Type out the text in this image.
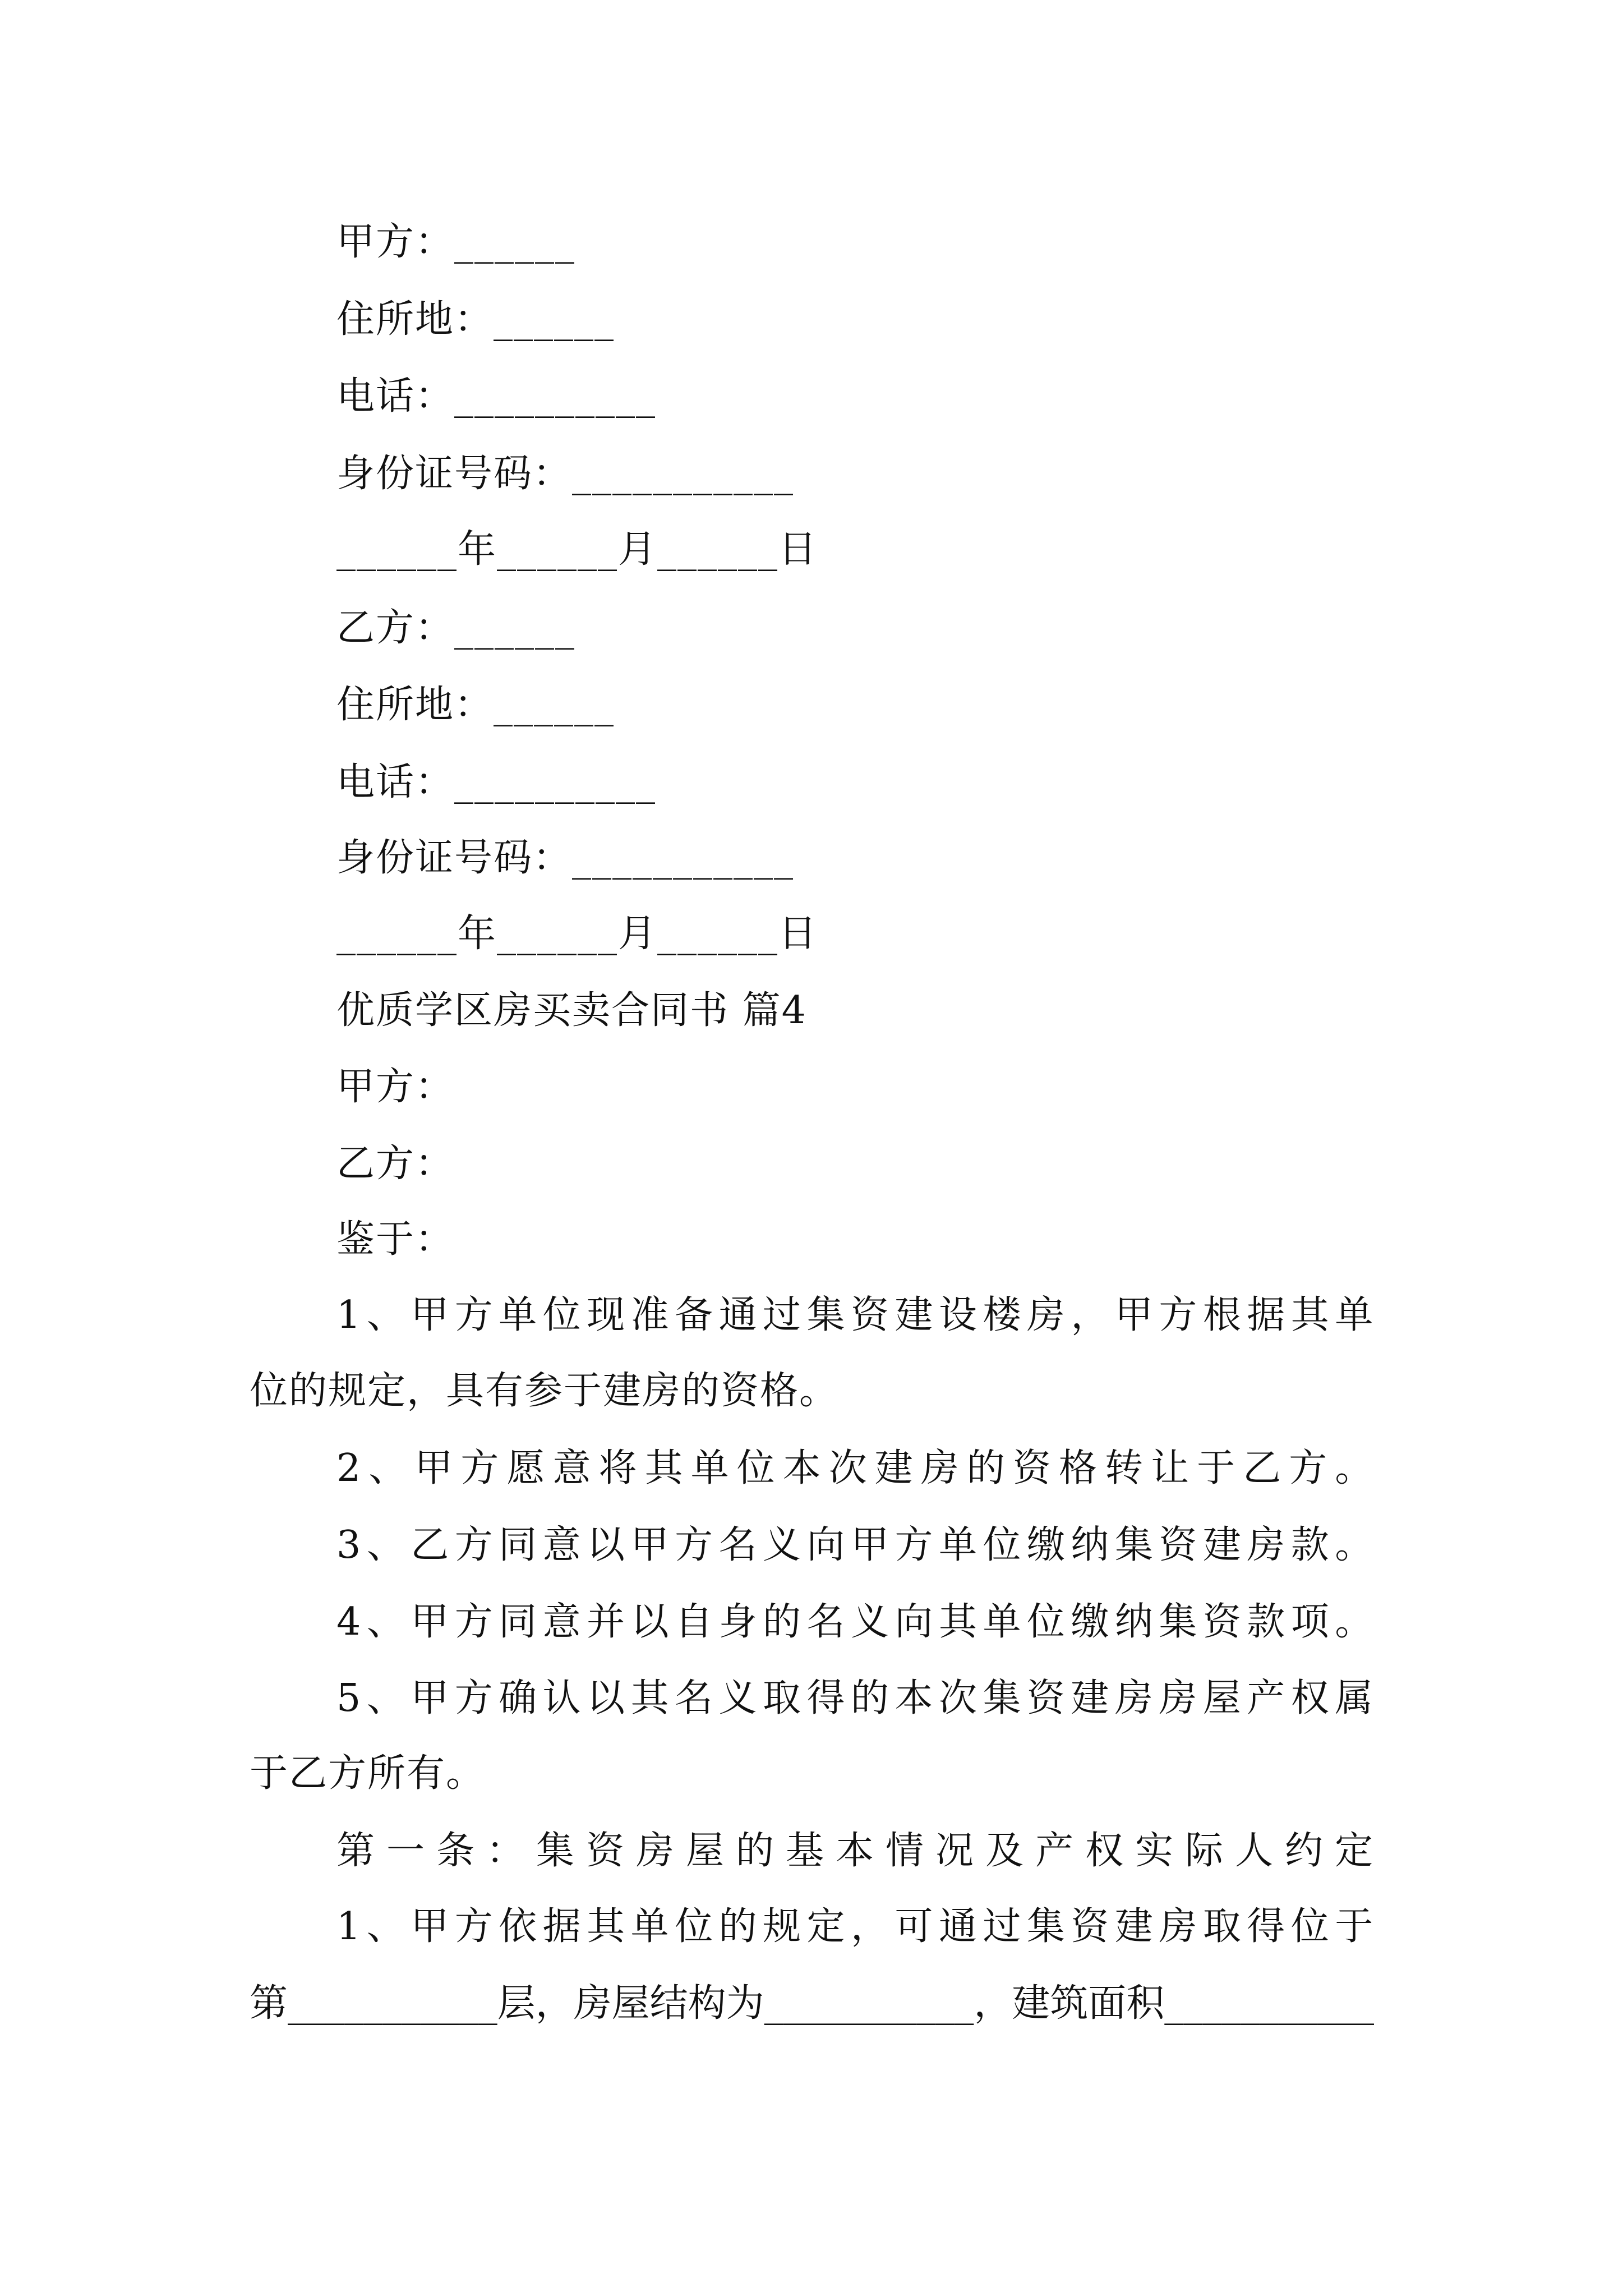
甲方：______
住所地：______
电话：__________
身份证号码：___________
______年______月______日
乙方：______
住所地：______
电话：__________
身份证号码：___________
______年______月______日
优质学区房买卖合同书 篇4
甲方：
乙方：
鉴于：
1、甲方单位现准备通过集资建设楼房，甲方根据其单
位的规定，具有参于建房的资格。
2、甲方愿意将其单位本次建房的资格转让于乙方。
3、乙方同意以甲方名义向甲方单位缴纳集资建房款。
4、甲方同意并以自身的名义向其单位缴纳集资款项。
5、甲方确认以其名义取得的本次集资建房房屋产权属
于乙方所有。
第一条：集资房屋的基本情况及产权实际人约定
1、甲方依据其单位的规定，可通过集资建房取得位于
第___________层，房屋结构为___________，建筑面积___________
